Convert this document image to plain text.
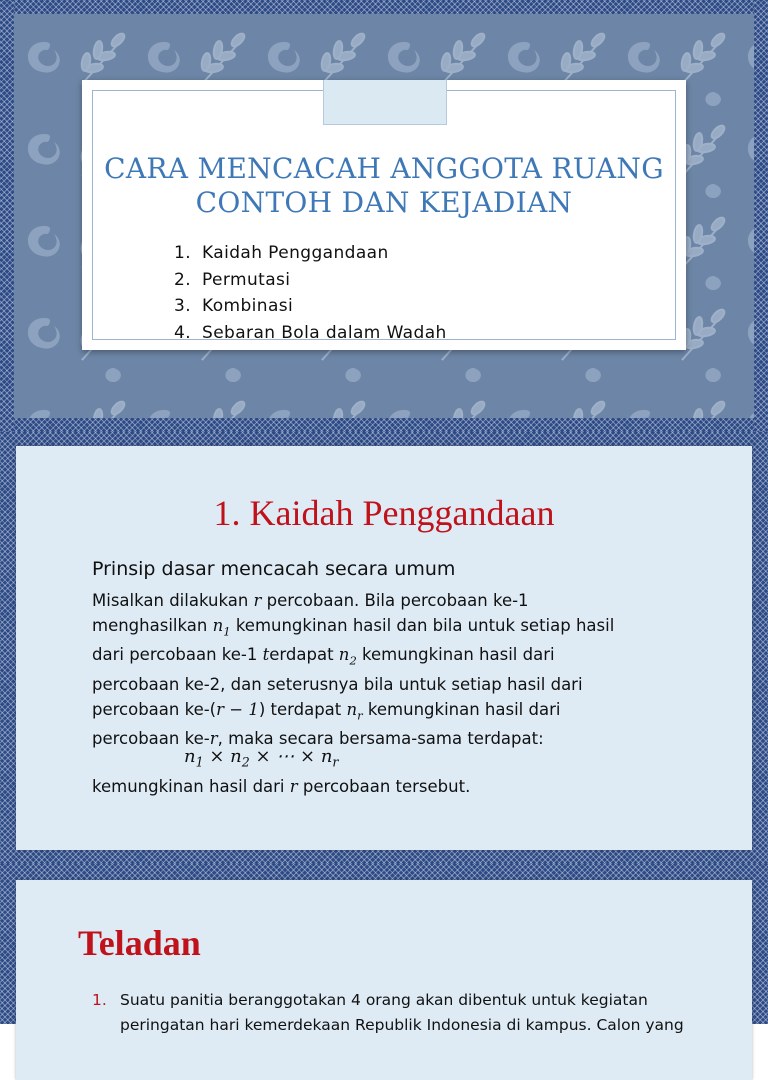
CARA MENCACAH ANGGOTA RUANG CONTOH DAN KEJADIAN
1. Kaidah Penggandaan
2. Permutasi
3. Kombinasi
4. Sebaran Bola dalam Wadah
1. Kaidah Penggandaan

Prinsip dasar mencacah secara umum

Misalkan dilakukan r percobaan. Bila percobaan ke-1

menghasilkan $n_1$ kemungkinan hasil dan bila untuk setiap hasil

dari percobaan ke-1 terdapat $n_2$ kemungkinan hasil dari

percobaan ke-2, dan seterusnya bila untuk setiap hasil dari

percobaan ke-(r − 1) terdapat $n_r$ kemungkinan hasil dari

percobaan ke-r, maka secara bersama-sama terdapat:

$n_1 \times n_2$ × ⋯ × $n_r$
kemungkinan hasil dari r percobaan tersebut.
Teladan
1. Suatu panitia beranggotakan 4 orang akan dibentuk untuk kegiatan
peringatan hari kemerdekaan Republik Indonesia di kampus. Calon yang
